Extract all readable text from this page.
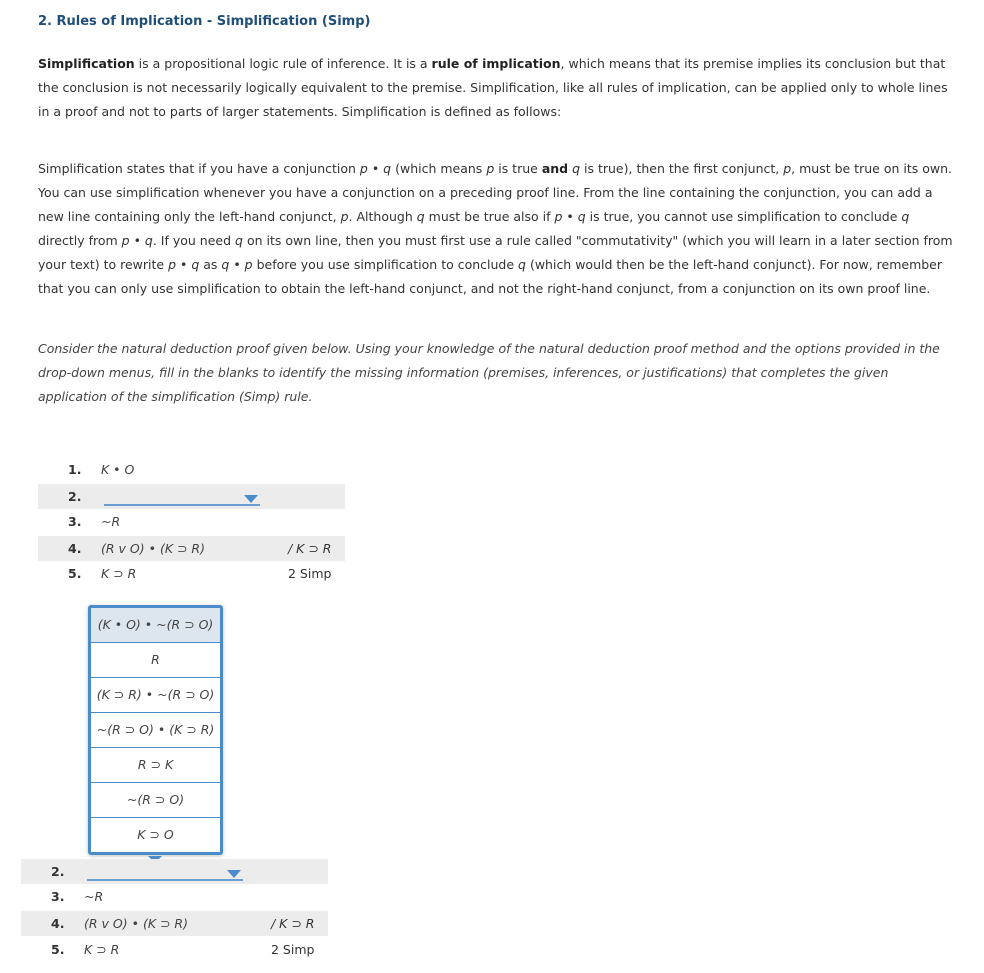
2. Rules of Implication - Simplification (Simp)
Simplification is a propositional logic rule of inference. It is a rule of implication, which means that its premise implies its conclusion but that the conclusion is not necessarily logically equivalent to the premise. Simplification, like all rules of implication, can be applied only to whole lines in a proof and not to parts of larger statements. Simplification is defined as follows:
Simplification states that if you have a conjunction p • q (which means p is true and q is true), then the first conjunct, p, must be true on its own. You can use simplification whenever you have a conjunction on a preceding proof line. From the line containing the conjunction, you can add a new line containing only the left-hand conjunct, p. Although q must be true also if p • q is true, you cannot use simplification to conclude q directly from p • q. If you need q on its own line, then you must first use a rule called "commutativity" (which you will learn in a later section from your text) to rewrite p • q as q • p before you use simplification to conclude q (which would then be the left-hand conjunct). For now, remember that you can only use simplification to obtain the left-hand conjunct, and not the right-hand conjunct, from a conjunction on its own proof line.
Consider the natural deduction proof given below. Using your knowledge of the natural deduction proof method and the options provided in the drop-down menus, fill in the blanks to identify the missing information (premises, inferences, or justifications) that completes the given application of the simplification (Simp) rule.
1. K • O
2.
3. ~R
4. (R v O) • (K ⊃ R)	/ K ⊃ R
5. K ⊃ R	2 Simp
(K • O) • ~(R ⊃ O)
R
(K ⊃ R) • ~(R ⊃ O)
~(R ⊃ O) • (K ⊃ R)
R ⊃ K
~(R ⊃ O)
K ⊃ O
2.
3. ~R
4. (R v O) • (K ⊃ R)	/ K ⊃ R
5. K ⊃ R	2 Simp
